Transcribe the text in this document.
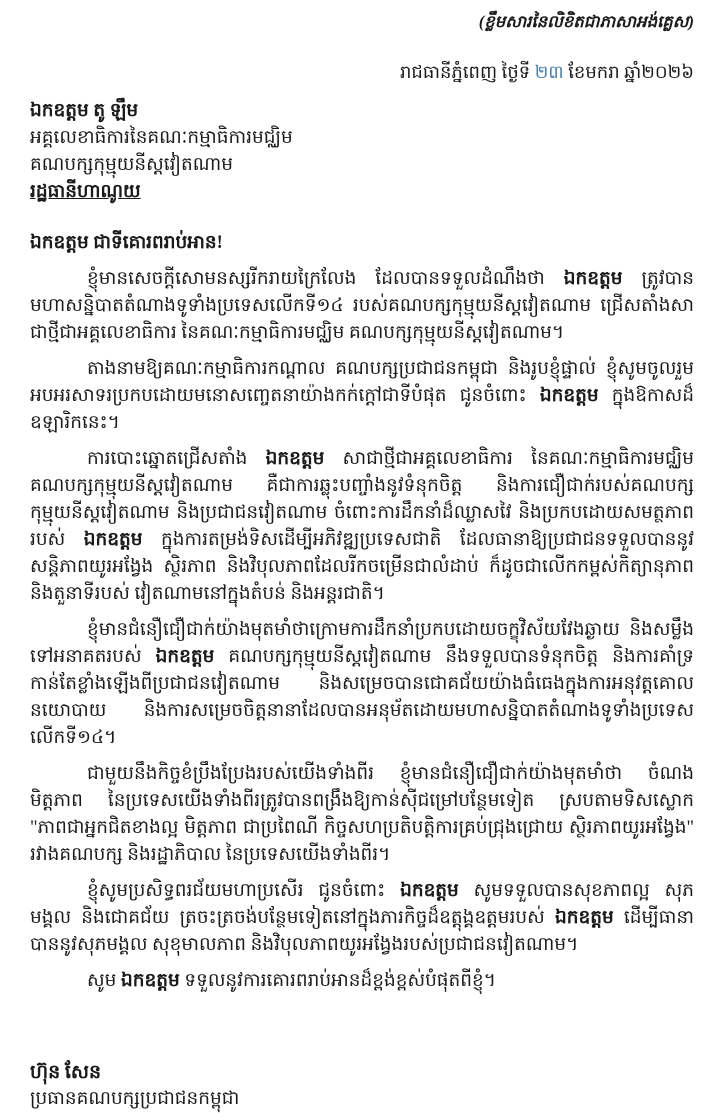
(ខ្លឹមសារនៃលិខិតជាភាសាអង់គ្លេស)
រាជធានីភ្នំពេញ ថ្ងៃទី ២៣ ខែមករា ឆ្នាំ២០២៦
ឯកឧត្តម តូ ឡឹម
អគ្គលេខាធិការនៃគណៈកម្មាធិការមជ្ឈិម
គណបក្សកុម្មុយនីស្តវៀតណាម
រដ្ឋធានីហាណូយ
ឯកឧត្តម ជាទីគោរពរាប់អាន!

ខ្ញុំមានសេចក្តីសោមនស្សរីករាយក្រៃលែង ដែលបានទទួលដំណឹងថា ឯកឧត្តម ត្រូវបានមហាសន្និបាតតំណាងទូទាំងប្រទេសលើកទី១៤ របស់គណបក្សកុម្មុយនីស្តវៀតណាម ជ្រើសតាំងសាជាថ្មីជាអគ្គលេខាធិការ នៃគណៈកម្មាធិការមជ្ឈិម គណបក្សកុម្មុយនីស្តវៀតណាម។

តាងនាមឱ្យគណៈកម្មាធិការកណ្តាល គណបក្សប្រជាជនកម្ពុជា និងរូបខ្ញុំផ្ទាល់ ខ្ញុំសូមចូលរួមអបអរសាទរប្រកបដោយមនោសញ្ចេតនាយ៉ាងកក់ក្តៅជាទីបំផុត ជូនចំពោះ ឯកឧត្តម ក្នុងឱកាសដ៏ឧឡារិកនេះ។

ការបោះឆ្នោតជ្រើសតាំង ឯកឧត្តម សាជាថ្មីជាអគ្គលេខាធិការ នៃគណៈកម្មាធិការមជ្ឈិម គណបក្សកុម្មុយនីស្តវៀតណាម គឺជាការឆ្លុះបញ្ចាំងនូវទំនុកចិត្ត និងការជឿជាក់របស់គណបក្សកុម្មុយនីស្តវៀតណាម និងប្រជាជនវៀតណាម ចំពោះការដឹកនាំដ៏ឈ្លាសវៃ និងប្រកបដោយសមត្ថភាពរបស់ ឯកឧត្តម ក្នុងការតម្រង់ទិសដើម្បីអភិវឌ្ឍប្រទេសជាតិ ដែលធានាឱ្យប្រជាជនទទួលបាននូវសន្តិភាពយូរអង្វែង ស្ថិរភាព និងវិបុលភាពដែលរីកចម្រើនជាលំដាប់ ក៏ដូចជាលើកកម្ពស់កិត្យានុភាព និងតួនាទីរបស់ វៀតណាមនៅក្នុងតំបន់ និងអន្តរជាតិ។

ខ្ញុំមានជំនឿជឿជាក់យ៉ាងមុតមាំថាក្រោមការដឹកនាំប្រកបដោយចក្ខុវិស័យវែងឆ្ងាយ និងសម្លឹងទៅអនាគតរបស់ ឯកឧត្តម គណបក្សកុម្មុយនីស្តវៀតណាម នឹងទទួលបានទំនុកចិត្ត និងការគាំទ្រកាន់តែខ្លាំងឡើងពីប្រជាជនវៀតណាម និងសម្រេចបានជោគជ័យយ៉ាងធំធេងក្នុងការអនុវត្តគោលនយោបាយ និងការសម្រេចចិត្តនានាដែលបានអនុម័តដោយមហាសន្និបាតតំណាងទូទាំងប្រទេសលើកទី១៤។

ជាមួយនឹងកិច្ចខំប្រឹងប្រែងរបស់យើងទាំងពីរ ខ្ញុំមានជំនឿជឿជាក់យ៉ាងមុតមាំថា ចំណងមិត្តភាព នៃប្រទេសយើងទាំងពីរត្រូវបានពង្រឹងឱ្យកាន់ស៊ីជម្រៅបន្ថែមទៀត ស្របតាមទិសស្លោក "ភាពជាអ្នកជិតខាងល្អ មិត្តភាព ជាប្រពៃណី កិច្ចសហប្រតិបត្តិការគ្រប់ជ្រុងជ្រោយ ស្ថិរភាពយូរអង្វែង" រវាងគណបក្ស និងរដ្ឋាភិបាល នៃប្រទេសយើងទាំងពីរ។

ខ្ញុំសូមប្រសិទ្ធពរជ័យមហាប្រសើរ ជូនចំពោះ ឯកឧត្តម សូមទទួលបានសុខភាពល្អ សុភមង្គល និងជោគជ័យ ត្រចះត្រចង់បន្ថែមទៀតនៅក្នុងភារកិច្ចដ៏ឧត្តុង្គឧត្តមរបស់ ឯកឧត្តម ដើម្បីធានាបាននូវសុភមង្គល សុខុមាលភាព និងវិបុលភាពយូរអង្វែងរបស់ប្រជាជនវៀតណាម។

សូម ឯកឧត្តម ទទួលនូវការគោរពរាប់អានដ៏ខ្ពង់ខ្ពស់បំផុតពីខ្ញុំ។

ហ៊ុន សែន
ប្រធានគណបក្សប្រជាជនកម្ពុជា
